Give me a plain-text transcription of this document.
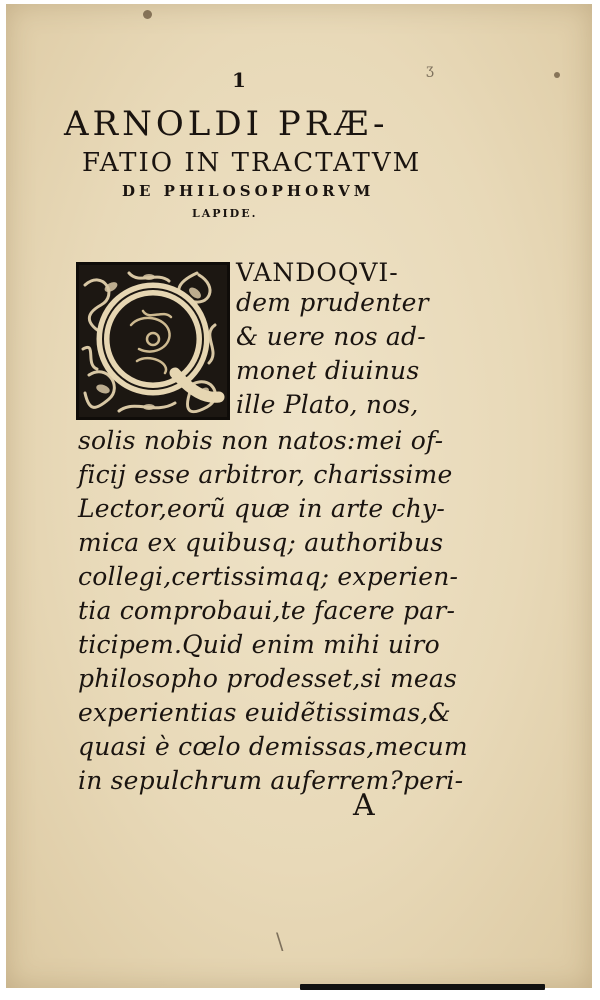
ʒ
\
1
ARNOLDI PRÆ-
FATIO IN TRACTATVM
DE PHILOSOPHORVM
LAPIDE.
VANDOQVI-
dem prudenter
& uere nos ad-
monet diuinus
ille Plato, nos,
solis nobis non natos:mei of-
ficij esse arbitror, charissime
Lector,eorũ quæ in arte chy-
mica ex quibusq; authoribus
collegi,certissimaq; experien-
tia comprobaui,te facere par-
ticipem.Quid enim mihi uiro
philosopho prodesset,si meas
experientias euidẽtissimas,&
quasi è cœlo demissas,mecum
in sepulchrum auferrem?peri-
A
